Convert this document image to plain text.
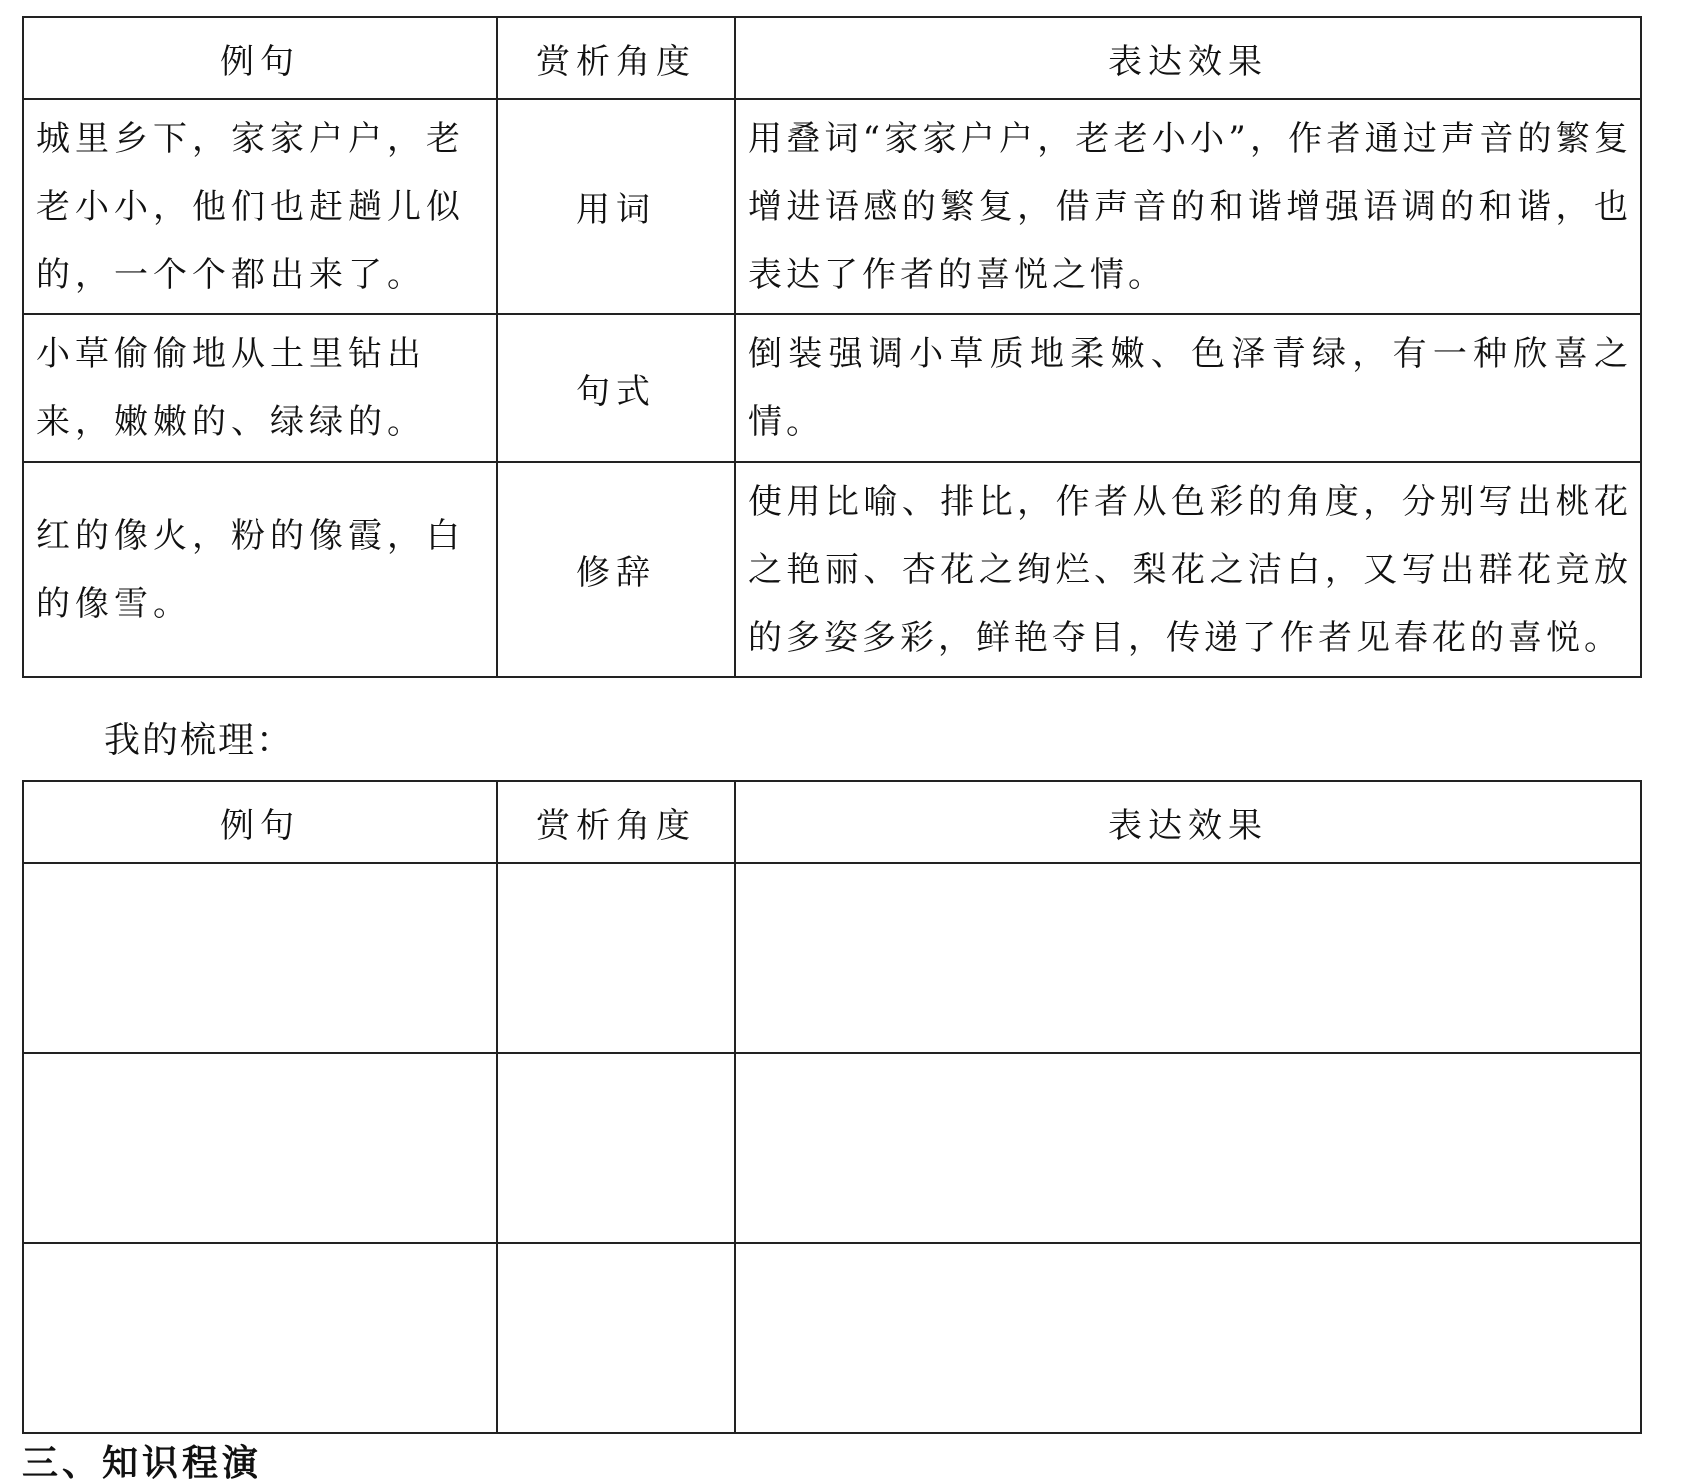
例句	赏析角度	表达效果
城里乡下，家家户户，老老小小，他们也赶趟儿似的，一个个都出来了。	用词	用叠词“家家户户，老老小小”，作者通过声音的繁复增进语感的繁复，借声音的和谐增强语调的和谐，也表达了作者的喜悦之情。
小草偷偷地从土里钻出来，嫩嫩的、绿绿的。	句式	倒装强调小草质地柔嫩、色泽青绿，有一种欣喜之情。
红的像火，粉的像霞，白的像雪。	修辞	使用比喻、排比，作者从色彩的角度，分别写出桃花之艳丽、杏花之绚烂、梨花之洁白，又写出群花竞放的多姿多彩，鲜艳夺目，传递了作者见春花的喜悦。
我的梳理：
例句	赏析角度	表达效果

三、知识程演
